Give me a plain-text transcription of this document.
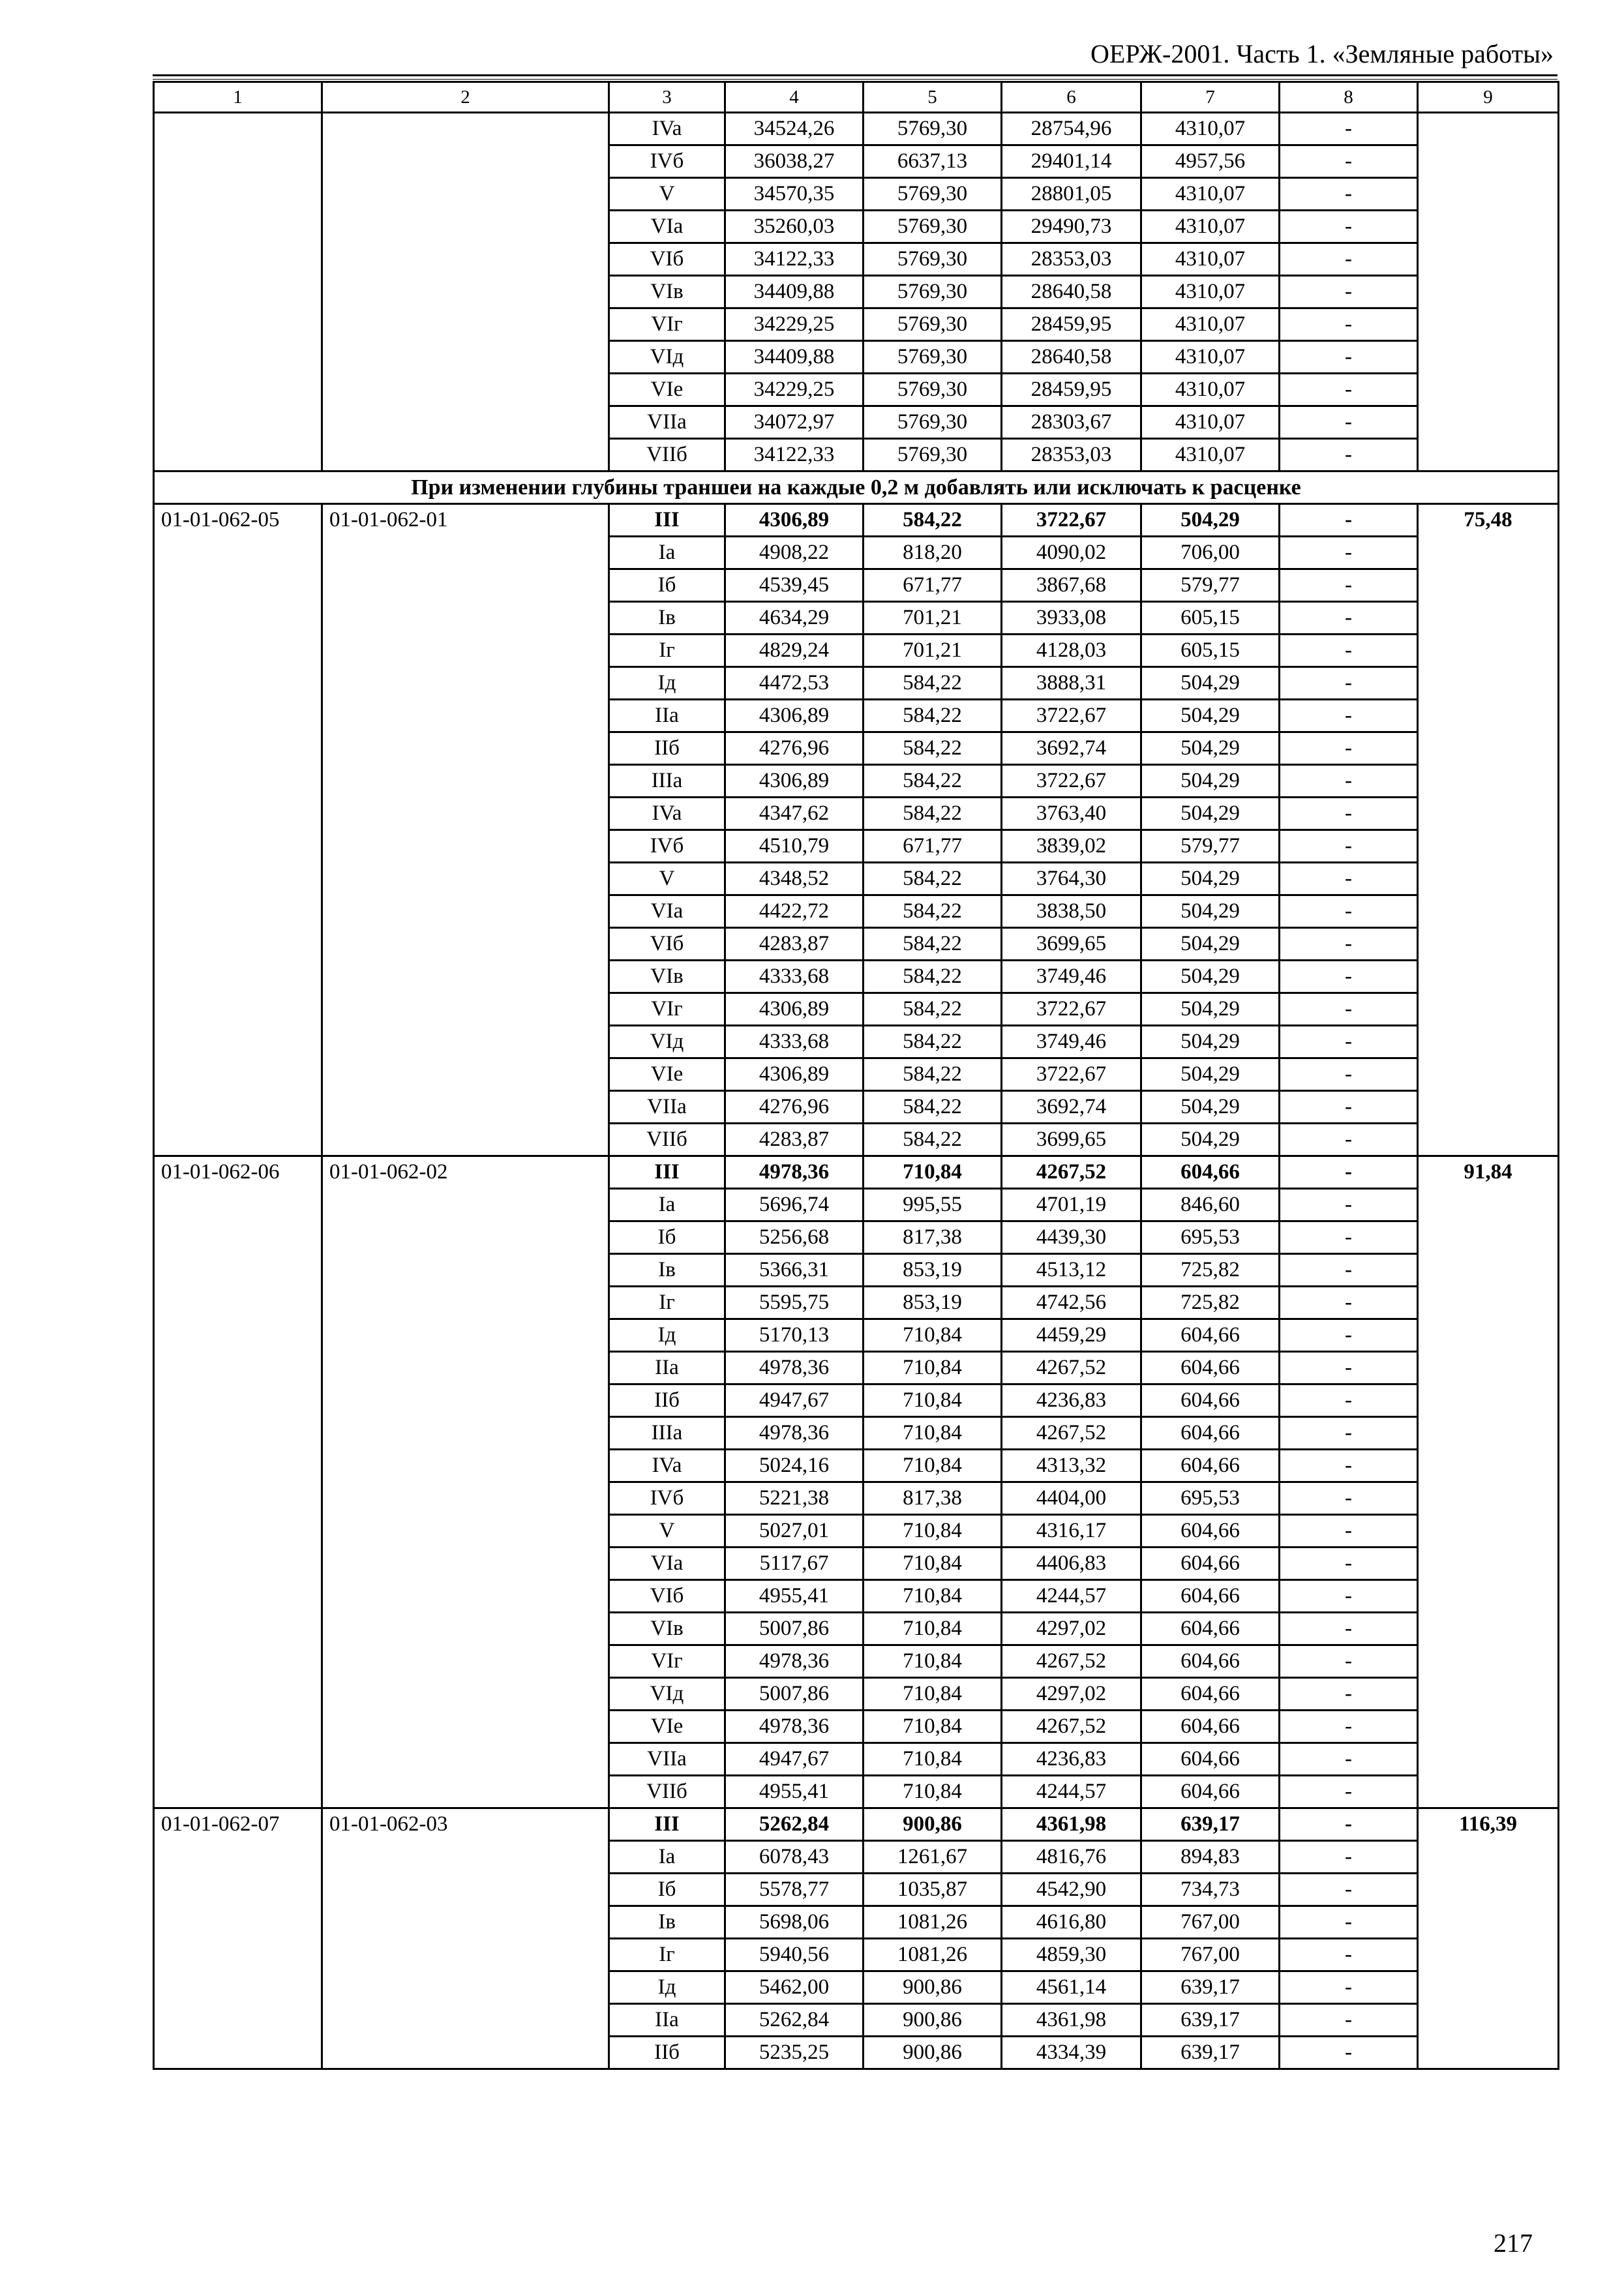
ОЕРЖ-2001. Часть 1. «Земляные работы»
1	2	3	4	5	6	7	8	9
		IVa	34524,26	5769,30	28754,96	4310,07	-	
		IVб	36038,27	6637,13	29401,14	4957,56	-	
		V	34570,35	5769,30	28801,05	4310,07	-	
		VIa	35260,03	5769,30	29490,73	4310,07	-	
		VIб	34122,33	5769,30	28353,03	4310,07	-	
		VIв	34409,88	5769,30	28640,58	4310,07	-	
		VIг	34229,25	5769,30	28459,95	4310,07	-	
		VIд	34409,88	5769,30	28640,58	4310,07	-	
		VIe	34229,25	5769,30	28459,95	4310,07	-	
		VIIa	34072,97	5769,30	28303,67	4310,07	-	
		VIIб	34122,33	5769,30	28353,03	4310,07	-	
При изменении глубины траншеи на каждые 0,2 м добавлять или исключать к расценке								
01-01-062-05	01-01-062-01	III	4306,89	584,22	3722,67	504,29	-	75,48
		Ia	4908,22	818,20	4090,02	706,00	-	
		Iб	4539,45	671,77	3867,68	579,77	-	
		Iв	4634,29	701,21	3933,08	605,15	-	
		Iг	4829,24	701,21	4128,03	605,15	-	
		Iд	4472,53	584,22	3888,31	504,29	-	
		IIa	4306,89	584,22	3722,67	504,29	-	
		IIб	4276,96	584,22	3692,74	504,29	-	
		IIIa	4306,89	584,22	3722,67	504,29	-	
		IVa	4347,62	584,22	3763,40	504,29	-	
		IVб	4510,79	671,77	3839,02	579,77	-	
		V	4348,52	584,22	3764,30	504,29	-	
		VIa	4422,72	584,22	3838,50	504,29	-	
		VIб	4283,87	584,22	3699,65	504,29	-	
		VIв	4333,68	584,22	3749,46	504,29	-	
		VIг	4306,89	584,22	3722,67	504,29	-	
		VIд	4333,68	584,22	3749,46	504,29	-	
		VIe	4306,89	584,22	3722,67	504,29	-	
		VIIa	4276,96	584,22	3692,74	504,29	-	
		VIIб	4283,87	584,22	3699,65	504,29	-	
01-01-062-06	01-01-062-02	III	4978,36	710,84	4267,52	604,66	-	91,84
		Ia	5696,74	995,55	4701,19	846,60	-	
		Iб	5256,68	817,38	4439,30	695,53	-	
		Iв	5366,31	853,19	4513,12	725,82	-	
		Iг	5595,75	853,19	4742,56	725,82	-	
		Iд	5170,13	710,84	4459,29	604,66	-	
		IIa	4978,36	710,84	4267,52	604,66	-	
		IIб	4947,67	710,84	4236,83	604,66	-	
		IIIa	4978,36	710,84	4267,52	604,66	-	
		IVa	5024,16	710,84	4313,32	604,66	-	
		IVб	5221,38	817,38	4404,00	695,53	-	
		V	5027,01	710,84	4316,17	604,66	-	
		VIa	5117,67	710,84	4406,83	604,66	-	
		VIб	4955,41	710,84	4244,57	604,66	-	
		VIв	5007,86	710,84	4297,02	604,66	-	
		VIг	4978,36	710,84	4267,52	604,66	-	
		VIд	5007,86	710,84	4297,02	604,66	-	
		VIe	4978,36	710,84	4267,52	604,66	-	
		VIIa	4947,67	710,84	4236,83	604,66	-	
		VIIб	4955,41	710,84	4244,57	604,66	-	
01-01-062-07	01-01-062-03	III	5262,84	900,86	4361,98	639,17	-	116,39
		Ia	6078,43	1261,67	4816,76	894,83	-	
		Iб	5578,77	1035,87	4542,90	734,73	-	
		Iв	5698,06	1081,26	4616,80	767,00	-	
		Iг	5940,56	1081,26	4859,30	767,00	-	
		Iд	5462,00	900,86	4561,14	639,17	-	
		IIa	5262,84	900,86	4361,98	639,17	-	
		IIб	5235,25	900,86	4334,39	639,17	-	
217
